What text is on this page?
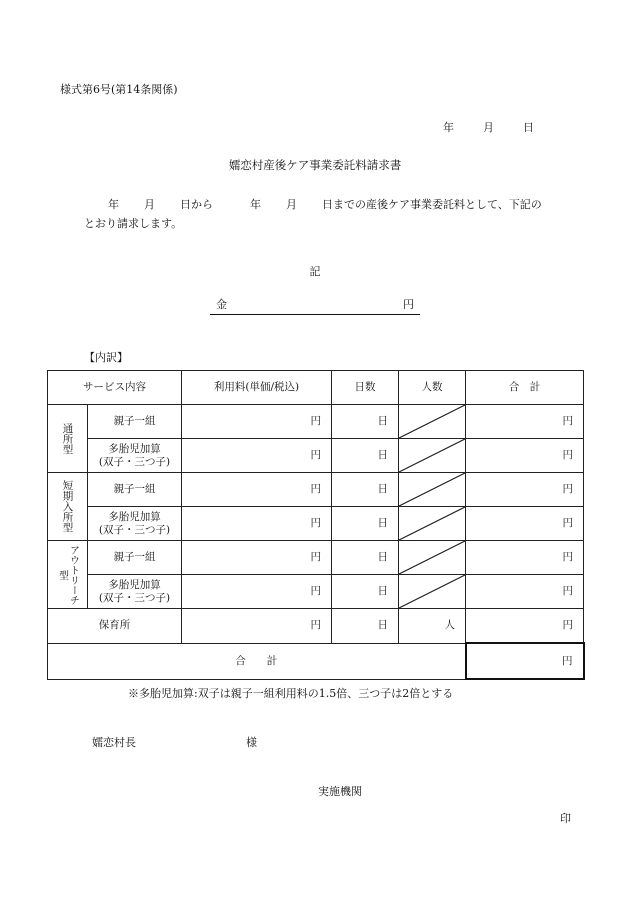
様式第6号(第14条関係)
年	月	日
嬬恋村産後ケア事業委託料請求書
年 月 日から	年 月 日までの産後ケア事業委託料として、下記の
とおり請求します。
記
金	円
【内訳】
サービス内容		利用料(単価/税込)	日数	人数	合　計

通所型	親子一組	円	日		円

	多胎児加算
(双子・三つ子)	円	日		円

短期入所型	親子一組	円	日		円

	多胎児加算
(双子・三つ子)	円	日		円

アウトリーチ型	親子一組	円	日		円

	多胎児加算
(双子・三つ子)	円	日		円
保育所		円	日	人	円
合　　計					円
※多胎児加算:双子は親子一組利用料の1.5倍、三つ子は2倍とする
嬬恋村長	様
実施機関
印
